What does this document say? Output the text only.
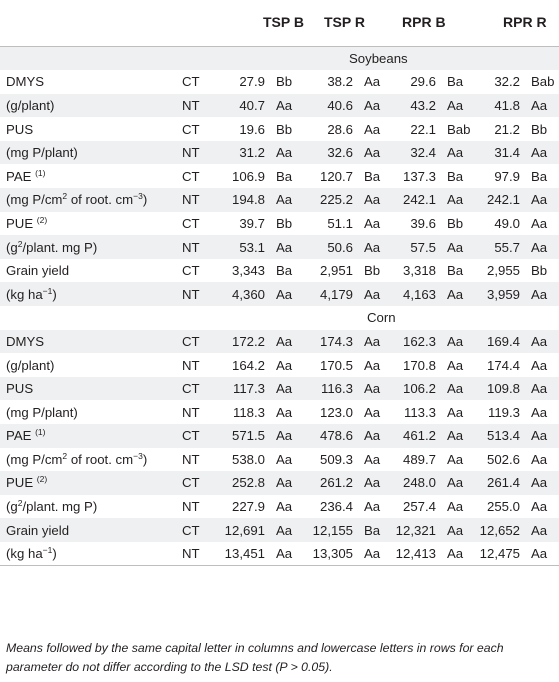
		TSP B		TSP R		RPR B		RPR R	
Soybeans									
DMYS	CT	27.9	Bb	38.2	Aa	29.6	Ba	32.2	Bab
(g/plant)	NT	40.7	Aa	40.6	Aa	43.2	Aa	41.8	Aa
PUS	CT	19.6	Bb	28.6	Aa	22.1	Bab	21.2	Bb
(mg P/plant)	NT	31.2	Aa	32.6	Aa	32.4	Aa	31.4	Aa
PAE $^{(1)}$	CT	106.9	Ba	120.7	Ba	137.3	Ba	97.9	Ba
(mg $P/cm^2$ of root. $cm^{-3}$)	NT	194.8	Aa	225.2	Aa	242.1	Aa	242.1	Aa
PUE $^{(2)}$	CT	39.7	Bb	51.1	Aa	39.6	Bb	49.0	Aa
($g^2$/plant. mg P)	NT	53.1	Aa	50.6	Aa	57.5	Aa	55.7	Aa
Grain yield	CT	3,343	Ba	2,951	Bb	3,318	Ba	2,955	Bb
(kg $ha^{-1}$)	NT	4,360	Aa	4,179	Aa	4,163	Aa	3,959	Aa
Corn									
DMYS	CT	172.2	Aa	174.3	Aa	162.3	Aa	169.4	Aa
(g/plant)	NT	164.2	Aa	170.5	Aa	170.8	Aa	174.4	Aa
PUS	CT	117.3	Aa	116.3	Aa	106.2	Aa	109.8	Aa
(mg P/plant)	NT	118.3	Aa	123.0	Aa	113.3	Aa	119.3	Aa
PAE $^{(1)}$	CT	571.5	Aa	478.6	Aa	461.2	Aa	513.4	Aa
(mg $P/cm^2$ of root. $cm^{-3}$)	NT	538.0	Aa	509.3	Aa	489.7	Aa	502.6	Aa
PUE $^{(2)}$	CT	252.8	Aa	261.2	Aa	248.0	Aa	261.4	Aa
($g^2$/plant. mg P)	NT	227.9	Aa	236.4	Aa	257.4	Aa	255.0	Aa
Grain yield	CT	12,691	Aa	12,155	Ba	12,321	Aa	12,652	Aa
(kg $ha^{-1}$)	NT	13,451	Aa	13,305	Aa	12,413	Aa	12,475	Aa
Means followed by the same capital letter in columns and lowercase letters in rows for each parameter do not differ according to the LSD test (P > 0.05).
